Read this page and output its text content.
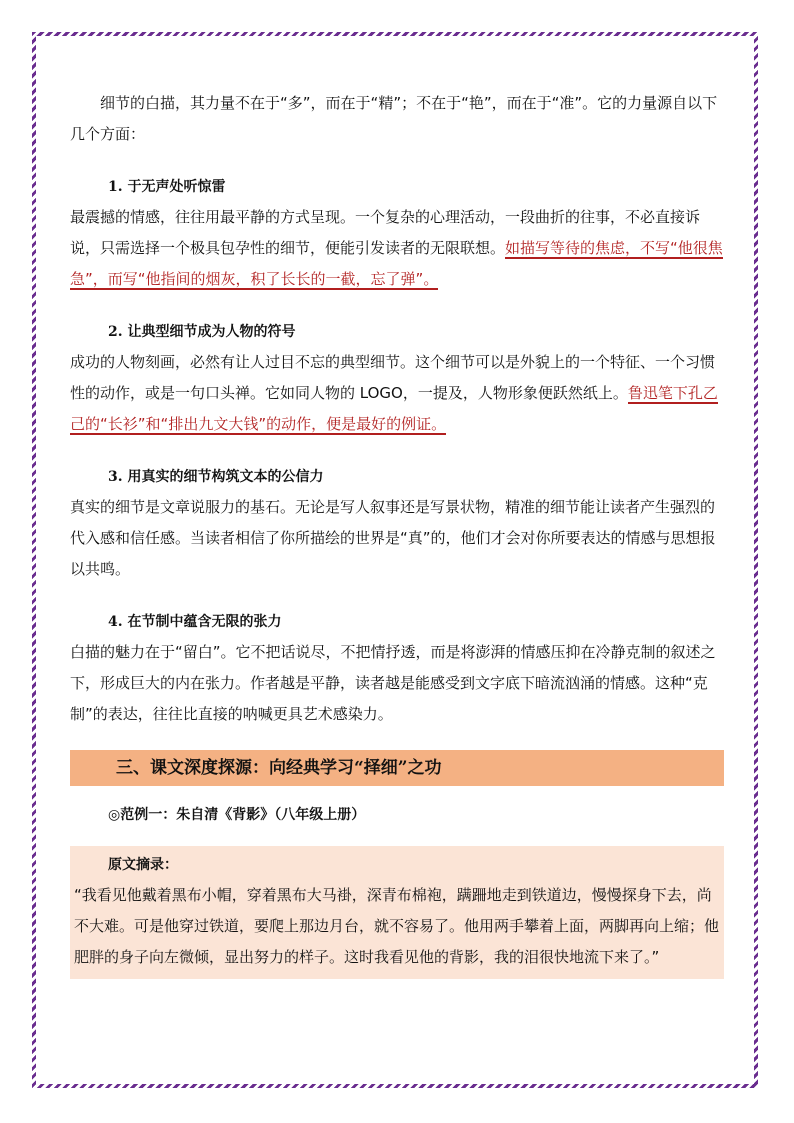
细节的白描，其力量不在于“多”，而在于“精”；不在于“艳”，而在于“准”。它的力量源自以下几个方面：

1. 于无声处听惊雷

最震撼的情感，往往用最平静的方式呈现。一个复杂的心理活动，一段曲折的往事，不必直接诉说，只需选择一个极具包孕性的细节，便能引发读者的无限联想。如描写等待的焦虑，不写“他很焦急”，而写“他指间的烟灰，积了长长的一截，忘了弹”。

2. 让典型细节成为人物的符号

成功的人物刻画，必然有让人过目不忘的典型细节。这个细节可以是外貌上的一个特征、一个习惯性的动作，或是一句口头禅。它如同人物的 LOGO，一提及，人物形象便跃然纸上。鲁迅笔下孔乙己的“长衫”和“排出九文大钱”的动作，便是最好的例证。

3. 用真实的细节构筑文本的公信力

真实的细节是文章说服力的基石。无论是写人叙事还是写景状物，精准的细节能让读者产生强烈的代入感和信任感。当读者相信了你所描绘的世界是“真”的，他们才会对你所要表达的情感与思想报以共鸣。

4. 在节制中蕴含无限的张力

白描的魅力在于“留白”。它不把话说尽，不把情抒透，而是将澎湃的情感压抑在冷静克制的叙述之下，形成巨大的内在张力。作者越是平静，读者越是能感受到文字底下暗流汹涌的情感。这种“克制”的表达，往往比直接的呐喊更具艺术感染力。

三、课文深度探源：向经典学习“择细”之功

◎范例一：朱自清《背影》（八年级上册）

原文摘录：

“我看见他戴着黑布小帽，穿着黑布大马褂，深青布棉袍，蹒跚地走到铁道边，慢慢探身下去，尚不大难。可是他穿过铁道，要爬上那边月台，就不容易了。他用两手攀着上面，两脚再向上缩；他肥胖的身子向左微倾，显出努力的样子。这时我看见他的背影，我的泪很快地流下来了。”
